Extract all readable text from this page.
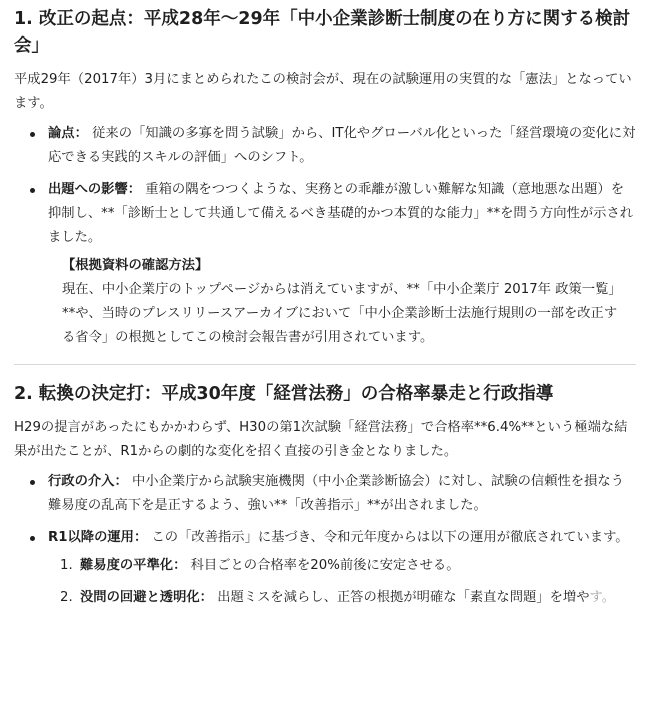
1. 改正の起点：平成28年～29年「中小企業診断士制度の在り方に関する検討会」

平成29年（2017年）3月にまとめられたこの検討会が、現在の試験運用の実質的な「憲法」となっています。

論点： 従来の「知識の多寡を問う試験」から、IT化やグローバル化といった「経営環境の変化に対応できる実践的スキルの評価」へのシフト。
出題への影響： 重箱の隅をつつくような、実務との乖離が激しい難解な知識（意地悪な出題）を抑制し、**「診断士として共通して備えるべき基礎的かつ本質的な能力」**を問う方向性が示されました。
【根拠資料の確認方法】
現在、中小企業庁のトップページからは消えていますが、**「中小企業庁 2017年 政策一覧」**や、当時のプレスリリースアーカイブにおいて「中小企業診断士法施行規則の一部を改正する省令」の根拠としてこの検討会報告書が引用されています。
2. 転換の決定打：平成30年度「経営法務」の合格率暴走と行政指導

H29の提言があったにもかかわらず、H30の第1次試験「経営法務」で合格率**6.4%**という極端な結果が出たことが、R1からの劇的な変化を招く直接の引き金となりました。

行政の介入： 中小企業庁から試験実施機関（中小企業診断協会）に対し、試験の信頼性を損なう難易度の乱高下を是正するよう、強い**「改善指示」**が出されました。
R1以降の運用： この「改善指示」に基づき、令和元年度からは以下の運用が徹底されています。
1. 難易度の平準化： 科目ごとの合格率を20%前後に安定させる。
2. 没問の回避と透明化： 出題ミスを減らし、正答の根拠が明確な「素直な問題」を増やす。
